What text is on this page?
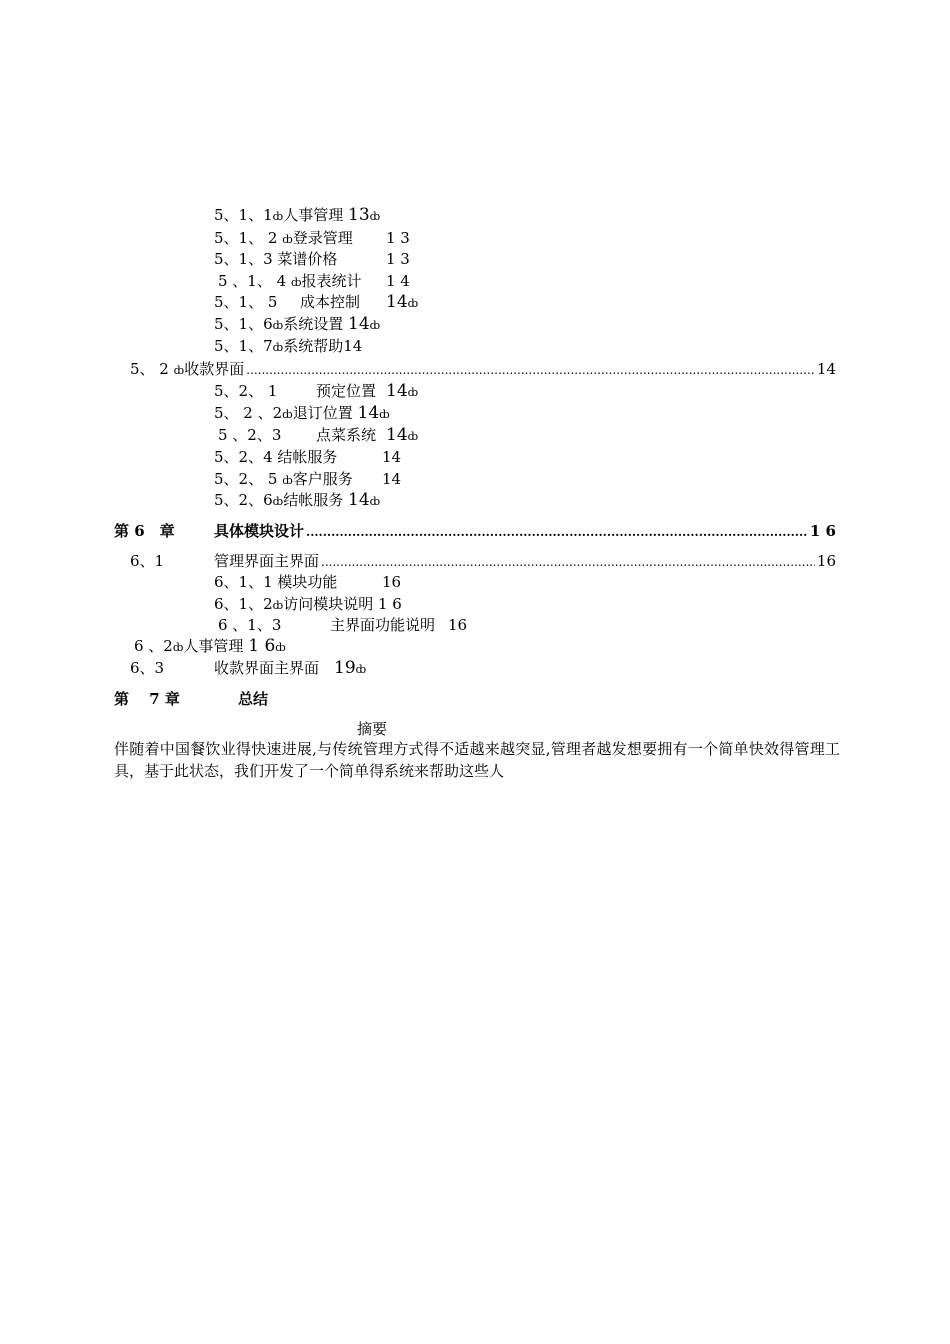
5、1、1ȸ人事管理 13ȸ
5、1、 2 ȸ登录管理 1 3
5、1、3 菜谱价格	1 3
5 、1、 4 ȸ报表统计 1 4
5、1、 5 成本控制 14ȸ
5、1、6ȸ系统设置 14ȸ
5、1、7ȸ系统帮助14
5、 2 ȸ收款界面 .....	14
5、2、 1	预定位置 14ȸ
5、 2 、2ȸ退订位置 14ȸ
5 、2、3 点菜系统 14ȸ
5、2、4 结帐服务	14
5、2、 5 ȸ客户服务 14
5、2、6ȸ结帐服务 14ȸ
第 6　章	具体模块设计 .....	1 6
6、1	管理界面主界面 .....	16
6、1、1 模块功能	16
6、1、2ȸ访问模块说明 1 6
6 、1、3	主界面功能说明 16
6 、2ȸ人事管理 1 6ȸ
6、3	收款界面主界面 19ȸ
第　 7 章	总结
摘要
伴随着中国餐饮业得快速进展,与传统管理方式得不适越来越突显,管理者越发想要拥有一个简单快效得管理工具，基于此状态，我们开发了一个简单得系统来帮助这些人
